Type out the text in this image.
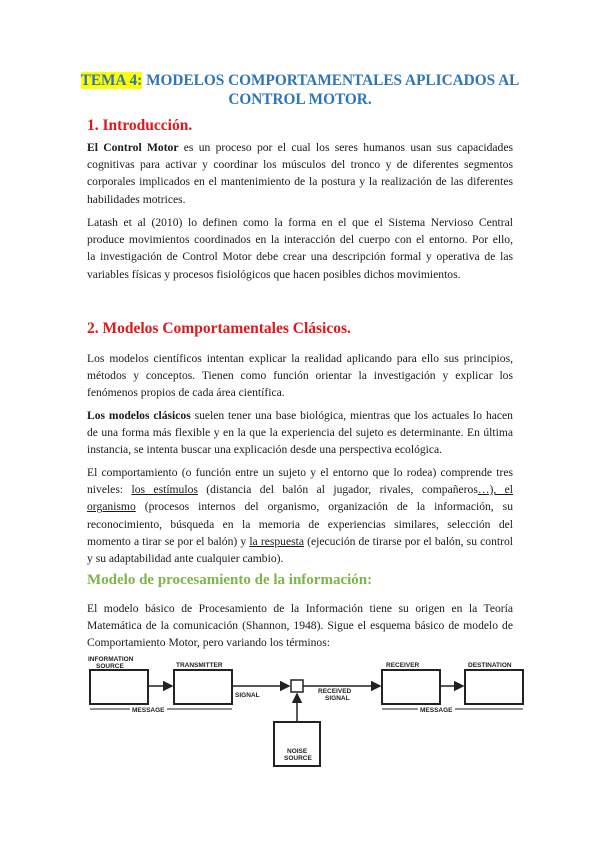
TEMA 4: MODELOS COMPORTAMENTALES APLICADOS AL
CONTROL MOTOR.
1. Introducción.
El Control Motor es un proceso por el cual los seres humanos usan sus capacidades
cognitivas para activar y coordinar los músculos del tronco y de diferentes segmentos
corporales implicados en el mantenimiento de la postura y la realización de las diferentes
habilidades motrices.
Latash et al (2010) lo definen como la forma en el que el Sistema Nervioso Central
produce movimientos coordinados en la interacción del cuerpo con el entorno. Por ello,
la investigación de Control Motor debe crear una descripción formal y operativa de las
variables físicas y procesos fisiológicos que hacen posibles dichos movimientos.
2. Modelos Comportamentales Clásicos.
Los modelos científicos intentan explicar la realidad aplicando para ello sus principios,
métodos y conceptos. Tienen como función orientar la investigación y explicar los
fenómenos propios de cada área científica.
Los modelos clásicos suelen tener una base biológica, mientras que los actuales lo hacen
de una forma más flexible y en la que la experiencia del sujeto es determinante. En última
instancia, se intenta buscar una explicación desde una perspectiva ecológica.
El comportamiento (o función entre un sujeto y el entorno que lo rodea) comprende tres
niveles: los estímulos (distancia del balón al jugador, rivales, compañeros…), el
organismo (procesos internos del organismo, organización de la información, su
reconocimiento, búsqueda en la memoria de experiencias similares, selección del
momento a tirar se por el balón) y la respuesta (ejecución de tirarse por el balón, su control
y su adaptabilidad ante cualquier cambio).
Modelo de procesamiento de la información:
El modelo básico de Procesamiento de la Información tiene su origen en la Teoría
Matemática de la comunicación (Shannon, 1948). Sigue el esquema básico de modelo de
Comportamiento Motor, pero variando los términos:
INFORMATION
SOURCE	TRANSMITTER
SIGNAL
RECEIVED
SIGNAL
RECEIVER	DESTINATION
MESSAGE	MESSAGE
NOISE
SOURCE
